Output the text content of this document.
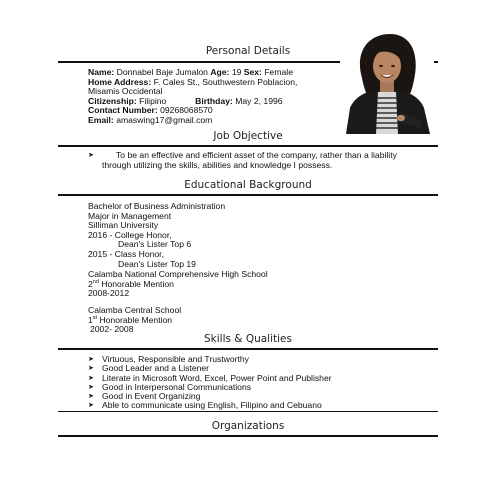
Personal Details
Name: Donnabel Baje Jumalon Age: 19 Sex: Female
Home Address: F. Cales St., Southwestern Poblacion,
Misamis Occidental
Citizenship: Filipino	Birthday: May 2, 1996
Contact Number: 09268068570
Email: amaswing17@gmail.com
Job Objective
➤	To be an effective and efficient asset of the company, rather than a liability
through utilizing the skills, abilities and knowledge I possess.
Educational Background
Bachelor of Business Administration
Major in Management
Silliman University
2016 - College Honor,
Dean's Lister Top 6
2015 - Class Honor,
Dean's Lister Top 19
Calamba National Comprehensive High School
2nd Honorable Mention
2008-2012
Calamba Central School
1st Honorable Mention
2002- 2008
Skills & Qualities
➤ Virtuous, Responsible and Trustworthy
➤ Good Leader and a Listener
➤ Literate in Microsoft Word, Excel, Power Point and Publisher
➤ Good in Interpersonal Communications
➤ Good in Event Organizing
➤ Able to communicate using English, Filipino and Cebuano
Organizations
